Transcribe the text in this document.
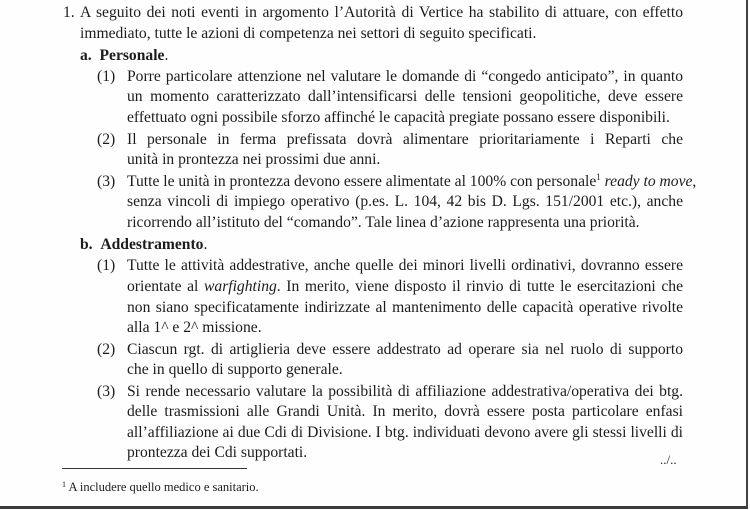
1. A seguito dei noti eventi in argomento l’Autorità di Vertice ha stabilito di attuare, con effetto
immediato, tutte le azioni di competenza nei settori di seguito specificati.
a. Personale.
(1) Porre particolare attenzione nel valutare le domande di “congedo anticipato”, in quanto
un momento caratterizzato dall’intensificarsi delle tensioni geopolitiche, deve essere
effettuato ogni possibile sforzo affinché le capacità pregiate possano essere disponibili.
(2) Il personale in ferma prefissata dovrà alimentare prioritariamente i Reparti che
unità in prontezza nei prossimi due anni.
(3) Tutte le unità in prontezza devono essere alimentate al 100% con personale$^1$ ready to move,
senza vincoli di impiego operativo (p.es. L. 104, 42 bis D. Lgs. 151/2001 etc.), anche
ricorrendo all’istituto del “comando”. Tale linea d’azione rappresenta una priorità.
b. Addestramento.
(1) Tutte le attività addestrative, anche quelle dei minori livelli ordinativi, dovranno essere
orientate al warfighting. In merito, viene disposto il rinvio di tutte le esercitazioni che
non siano specificatamente indirizzate al mantenimento delle capacità operative rivolte
alla 1^ e 2^ missione.
(2) Ciascun rgt. di artiglieria deve essere addestrato ad operare sia nel ruolo di supporto
che in quello di supporto generale.
(3) Si rende necessario valutare la possibilità di affiliazione addestrativa/operativa dei btg.
delle trasmissioni alle Grandi Unità. In merito, dovrà essere posta particolare enfasi
all’affiliazione ai due Cdi di Divisione. I btg. individuati devono avere gli stessi livelli di
prontezza dei Cdi supportati.	../..
$^1$ A includere quello medico e sanitario.
